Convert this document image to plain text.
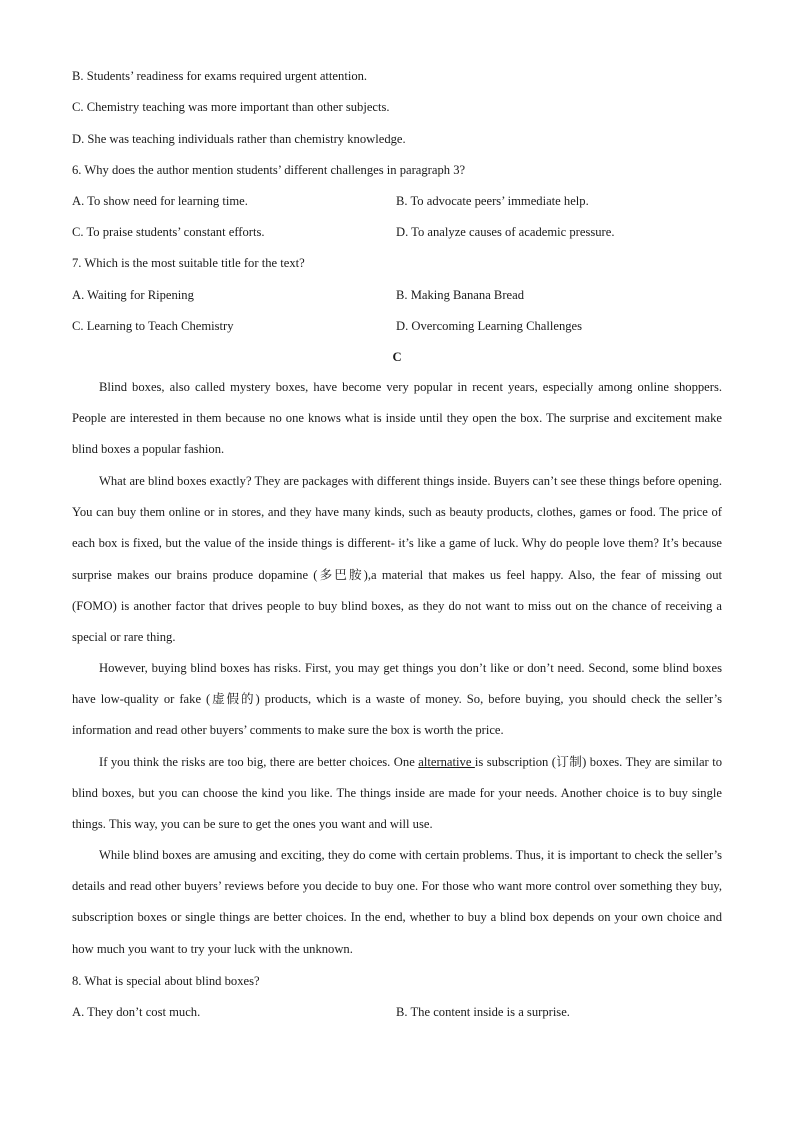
B. Students’ readiness for exams required urgent attention.
C. Chemistry teaching was more important than other subjects.
D. She was teaching individuals rather than chemistry knowledge.
6. Why does the author mention students’ different challenges in paragraph 3?
A. To show need for learning time.	B. To advocate peers’ immediate help.
C. To praise students’ constant efforts.	D. To analyze causes of academic pressure.
7. Which is the most suitable title for the text?
A. Waiting for Ripening	B. Making Banana Bread
C. Learning to Teach Chemistry	D. Overcoming Learning Challenges
C
Blind boxes, also called mystery boxes, have become very popular in recent years, especially among online shoppers. People are interested in them because no one knows what is inside until they open the box. The surprise and excitement make blind boxes a popular fashion.
What are blind boxes exactly? They are packages with different things inside. Buyers can’t see these things before opening. You can buy them online or in stores, and they have many kinds, such as beauty products, clothes, games or food. The price of each box is fixed, but the value of the inside things is different- it’s like a game of luck. Why do people love them? It’s because surprise makes our brains produce dopamine (多巴胺),a material that makes us feel happy. Also, the fear of missing out (FOMO) is another factor that drives people to buy blind boxes, as they do not want to miss out on the chance of receiving a special or rare thing.
However, buying blind boxes has risks. First, you may get things you don’t like or don’t need. Second, some blind boxes have low-quality or fake (虚假的) products, which is a waste of money. So, before buying, you should check the seller’s information and read other buyers’ comments to make sure the box is worth the price.
If you think the risks are too big, there are better choices. One alternative is subscription (订制) boxes. They are similar to blind boxes, but you can choose the kind you like. The things inside are made for your needs. Another choice is to buy single things. This way, you can be sure to get the ones you want and will use.
While blind boxes are amusing and exciting, they do come with certain problems. Thus, it is important to check the seller’s details and read other buyers’ reviews before you decide to buy one. For those who want more control over something they buy, subscription boxes or single things are better choices. In the end, whether to buy a blind box depends on your own choice and how much you want to try your luck with the unknown.
8. What is special about blind boxes?
A. They don’t cost much.	B. The content inside is a surprise.
